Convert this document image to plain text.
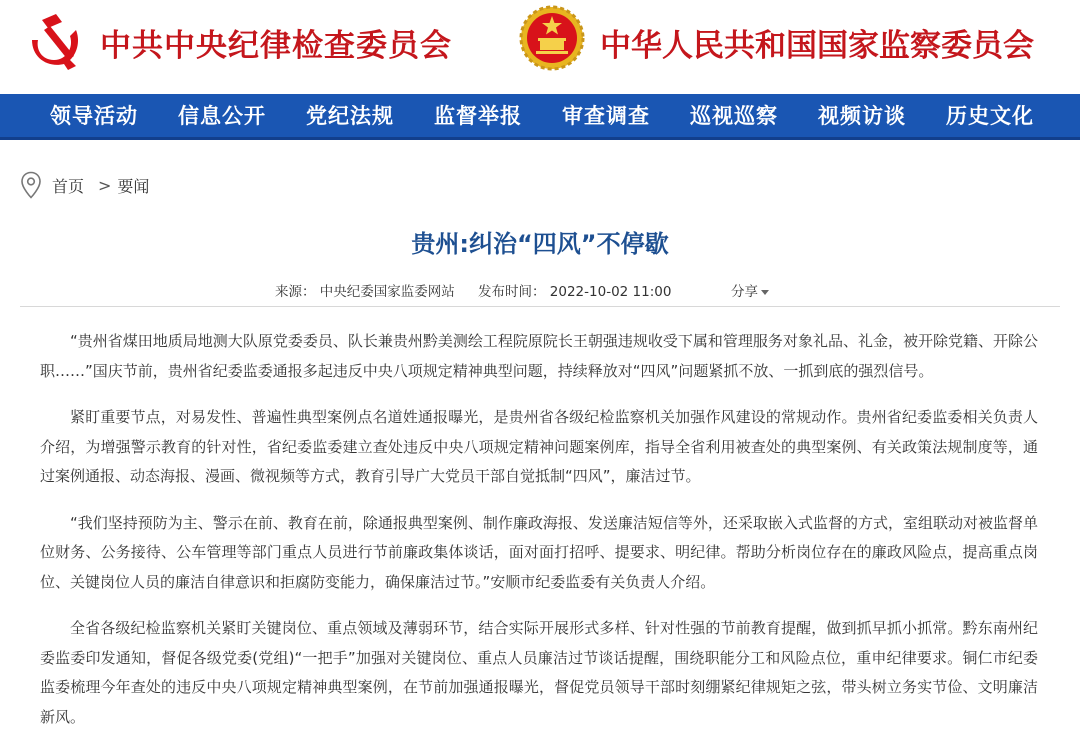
中共中央纪律检查委员会	中华人民共和国国家监察委员会
领导活动	信息公开	党纪法规	监督举报	审查调查	巡视巡察	视频访谈	历史文化
首页 > 要闻
贵州:纠治“四风”不停歇
来源： 中央纪委国家监委网站 发布时间： 2022-10-02 11:00	分享

“贵州省煤田地质局地测大队原党委委员、队长兼贵州黔美测绘工程院原院长王朝强违规收受下属和管理服务对象礼品、礼金，被开除党籍、开除公职……”国庆节前，贵州省纪委监委通报多起违反中央八项规定精神典型问题，持续释放对“四风”问题紧抓不放、一抓到底的强烈信号。

紧盯重要节点，对易发性、普遍性典型案例点名道姓通报曝光，是贵州省各级纪检监察机关加强作风建设的常规动作。贵州省纪委监委相关负责人介绍，为增强警示教育的针对性，省纪委监委建立查处违反中央八项规定精神问题案例库，指导全省利用被查处的典型案例、有关政策法规制度等，通过案例通报、动态海报、漫画、微视频等方式，教育引导广大党员干部自觉抵制“四风”，廉洁过节。

“我们坚持预防为主、警示在前、教育在前，除通报典型案例、制作廉政海报、发送廉洁短信等外，还采取嵌入式监督的方式，室组联动对被监督单位财务、公务接待、公车管理等部门重点人员进行节前廉政集体谈话，面对面打招呼、提要求、明纪律。帮助分析岗位存在的廉政风险点，提高重点岗位、关键岗位人员的廉洁自律意识和拒腐防变能力，确保廉洁过节。”安顺市纪委监委有关负责人介绍。

全省各级纪检监察机关紧盯关键岗位、重点领域及薄弱环节，结合实际开展形式多样、针对性强的节前教育提醒，做到抓早抓小抓常。黔东南州纪委监委印发通知，督促各级党委(党组)“一把手”加强对关键岗位、重点人员廉洁过节谈话提醒，围绕职能分工和风险点位，重申纪律要求。铜仁市纪委监委梳理今年查处的违反中央八项规定精神典型案例，在节前加强通报曝光，督促党员领导干部时刻绷紧纪律规矩之弦，带头树立务实节俭、文明廉洁新风。
